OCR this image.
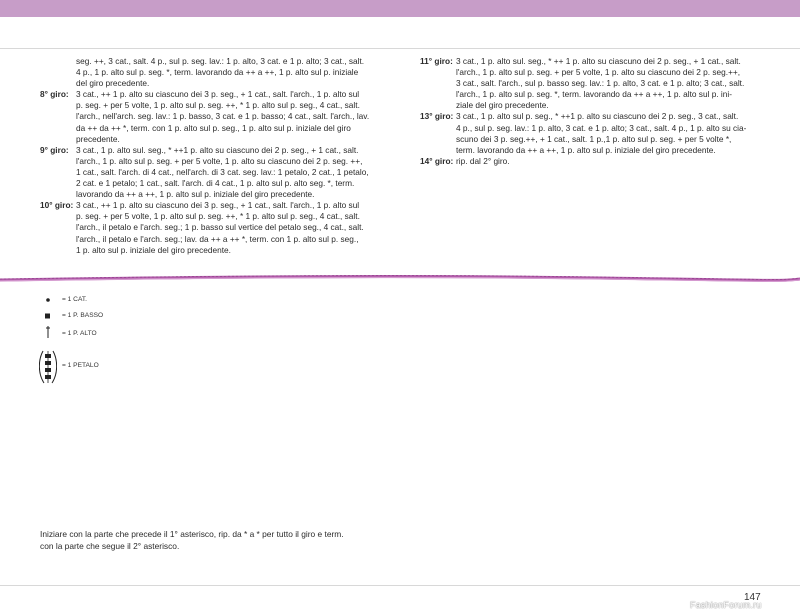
seg. ++, 3 cat., salt. 4 p., sul p. seg. lav.: 1 p. alto, 3 cat. e 1 p. alto; 3 cat., salt.
4 p., 1 p. alto sul p. seg. *, term. lavorando da ++ a ++, 1 p. alto sul p. iniziale
del giro precedente.
8° giro: 3 cat., ++ 1 p. alto su ciascuno dei 3 p. seg., + 1 cat., salt. l'arch., 1 p. alto sul
p. seg. + per 5 volte, 1 p. alto sul p. seg. ++, * 1 p. alto sul p. seg., 4 cat., salt.
l'arch., nell'arch. seg. lav.: 1 p. basso, 3 cat. e 1 p. basso; 4 cat., salt. l'arch., lav.
da ++ da ++ *, term. con 1 p. alto sul p. seg., 1 p. alto sul p. iniziale del giro
precedente.
9° giro: 3 cat., 1 p. alto sul. seg., * ++1 p. alto su ciascuno dei 2 p. seg., + 1 cat., salt.
l'arch., 1 p. alto sul p. seg. + per 5 volte, 1 p. alto su ciascuno dei 2 p. seg. ++,
1 cat., salt. l'arch. di 4 cat., nell'arch. di 3 cat. seg. lav.: 1 petalo, 2 cat., 1 petalo,
2 cat. e 1 petalo; 1 cat., salt. l'arch. di 4 cat., 1 p. alto sul p. alto seg. *, term.
lavorando da ++ a ++, 1 p. alto sul p. iniziale del giro precedente.
10° giro: 3 cat., ++ 1 p. alto su ciascuno dei 3 p. seg., + 1 cat., salt. l'arch., 1 p. alto sul
p. seg. + per 5 volte, 1 p. alto sul p. seg. ++, * 1 p. alto sul p. seg., 4 cat., salt.
l'arch., il petalo e l'arch. seg.; 1 p. basso sul vertice del petalo seg., 4 cat., salt.
l'arch., il petalo e l'arch. seg.; lav. da ++ a ++ *, term. con 1 p. alto sul p. seg.,
1 p. alto sul p. iniziale del giro precedente.
11° giro: 3 cat., 1 p. alto sul. seg., * ++ 1 p. alto su ciascuno dei 2 p. seg., + 1 cat., salt.
l'arch., 1 p. alto sul p. seg. + per 5 volte, 1 p. alto su ciascuno dei 2 p. seg.++,
3 cat., salt. l'arch., sul p. basso seg. lav.: 1 p. alto, 3 cat. e 1 p. alto; 3 cat., salt.
l'arch., 1 p. alto sul p. seg. *, term. lavorando da ++ a ++, 1 p. alto sul p. ini-
ziale del giro precedente.
13° giro: 3 cat., 1 p. alto sul p. seg., * ++1 p. alto su ciascuno dei 2 p. seg., 3 cat., salt.
4 p., sul p. seg. lav.: 1 p. alto, 3 cat. e 1 p. alto; 3 cat., salt. 4 p., 1 p. alto su cia-
scuno dei 3 p. seg.++, + 1 cat., salt. 1 p.,1 p. alto sul p. seg. + per 5 volte *,
term. lavorando da ++ a ++, 1 p. alto sul p. iniziale del giro precedente.
14° giro: rip. dal 2° giro.
= 1 CAT.
= 1 P. BASSO
= 1 P. ALTO
= 1 PETALO
Iniziare con la parte che precede il 1° asterisco, rip. da * a * per tutto il giro e term.
con la parte che segue il 2° asterisco.
147
FashionForum.ru
